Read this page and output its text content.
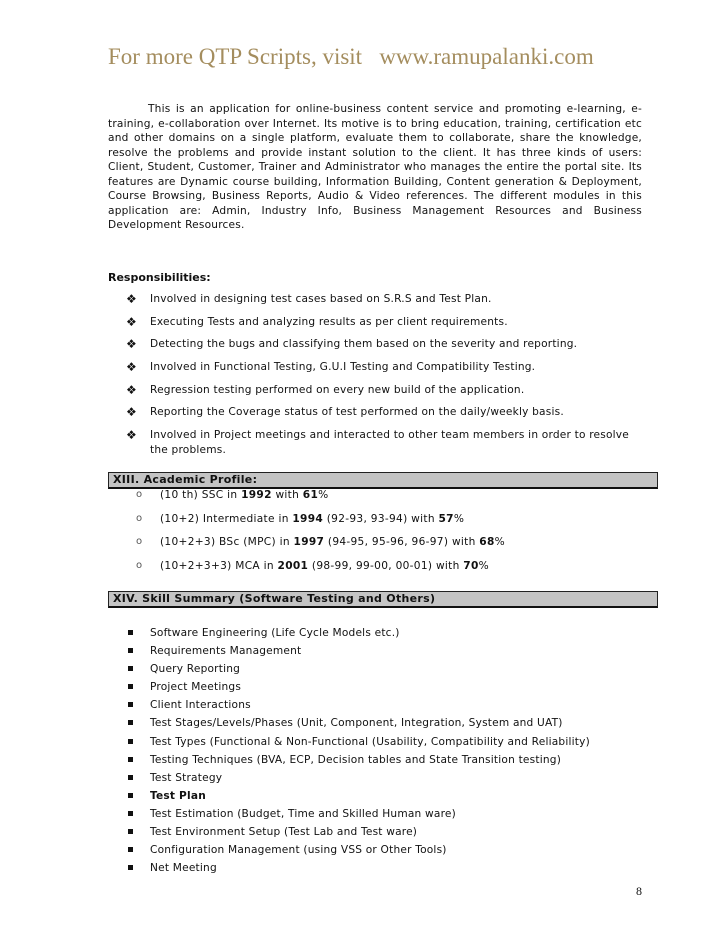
For more QTP Scripts, visit   www.ramupalanki.com
This is an application for online-business content service and promoting e-learning, e-training, e-collaboration over Internet. Its motive is to bring education, training, certification etc and other domains on a single platform, evaluate them to collaborate, share the knowledge, resolve the problems and provide instant solution to the client. It has three kinds of users: Client, Student, Customer, Trainer and Administrator who manages the entire the portal site. Its features are Dynamic course building, Information Building, Content generation & Deployment, Course Browsing, Business Reports, Audio & Video references. The different modules in this application are: Admin, Industry Info, Business Management Resources and Business Development Resources.
Responsibilities:
❖ Involved in designing test cases based on S.R.S and Test Plan.
❖ Executing Tests and analyzing results as per client requirements.
❖ Detecting the bugs and classifying them based on the severity and reporting.
❖ Involved in Functional Testing, G.U.I Testing and Compatibility Testing.
❖ Regression testing performed on every new build of the application.
❖ Reporting the Coverage status of test performed on the daily/weekly basis.
❖ Involved in Project meetings and interacted to other team members in order to resolve the problems.
XIII. Academic Profile:
o (10 th) SSC in 1992 with 61%
o (10+2) Intermediate in 1994 (92-93, 93-94) with 57%
o (10+2+3) BSc (MPC) in 1997 (94-95, 95-96, 96-97) with 68%
o (10+2+3+3) MCA in 2001 (98-99, 99-00, 00-01) with 70%
XIV. Skill Summary (Software Testing and Others)
Software Engineering (Life Cycle Models etc.)
Requirements Management
Query Reporting
Project Meetings
Client Interactions
Test Stages/Levels/Phases (Unit, Component, Integration, System and UAT)
Test Types (Functional & Non-Functional (Usability, Compatibility and Reliability)
Testing Techniques (BVA, ECP, Decision tables and State Transition testing)
Test Strategy
Test Plan
Test Estimation (Budget, Time and Skilled Human ware)
Test Environment Setup (Test Lab and Test ware)
Configuration Management (using VSS or Other Tools)
Net Meeting
8
